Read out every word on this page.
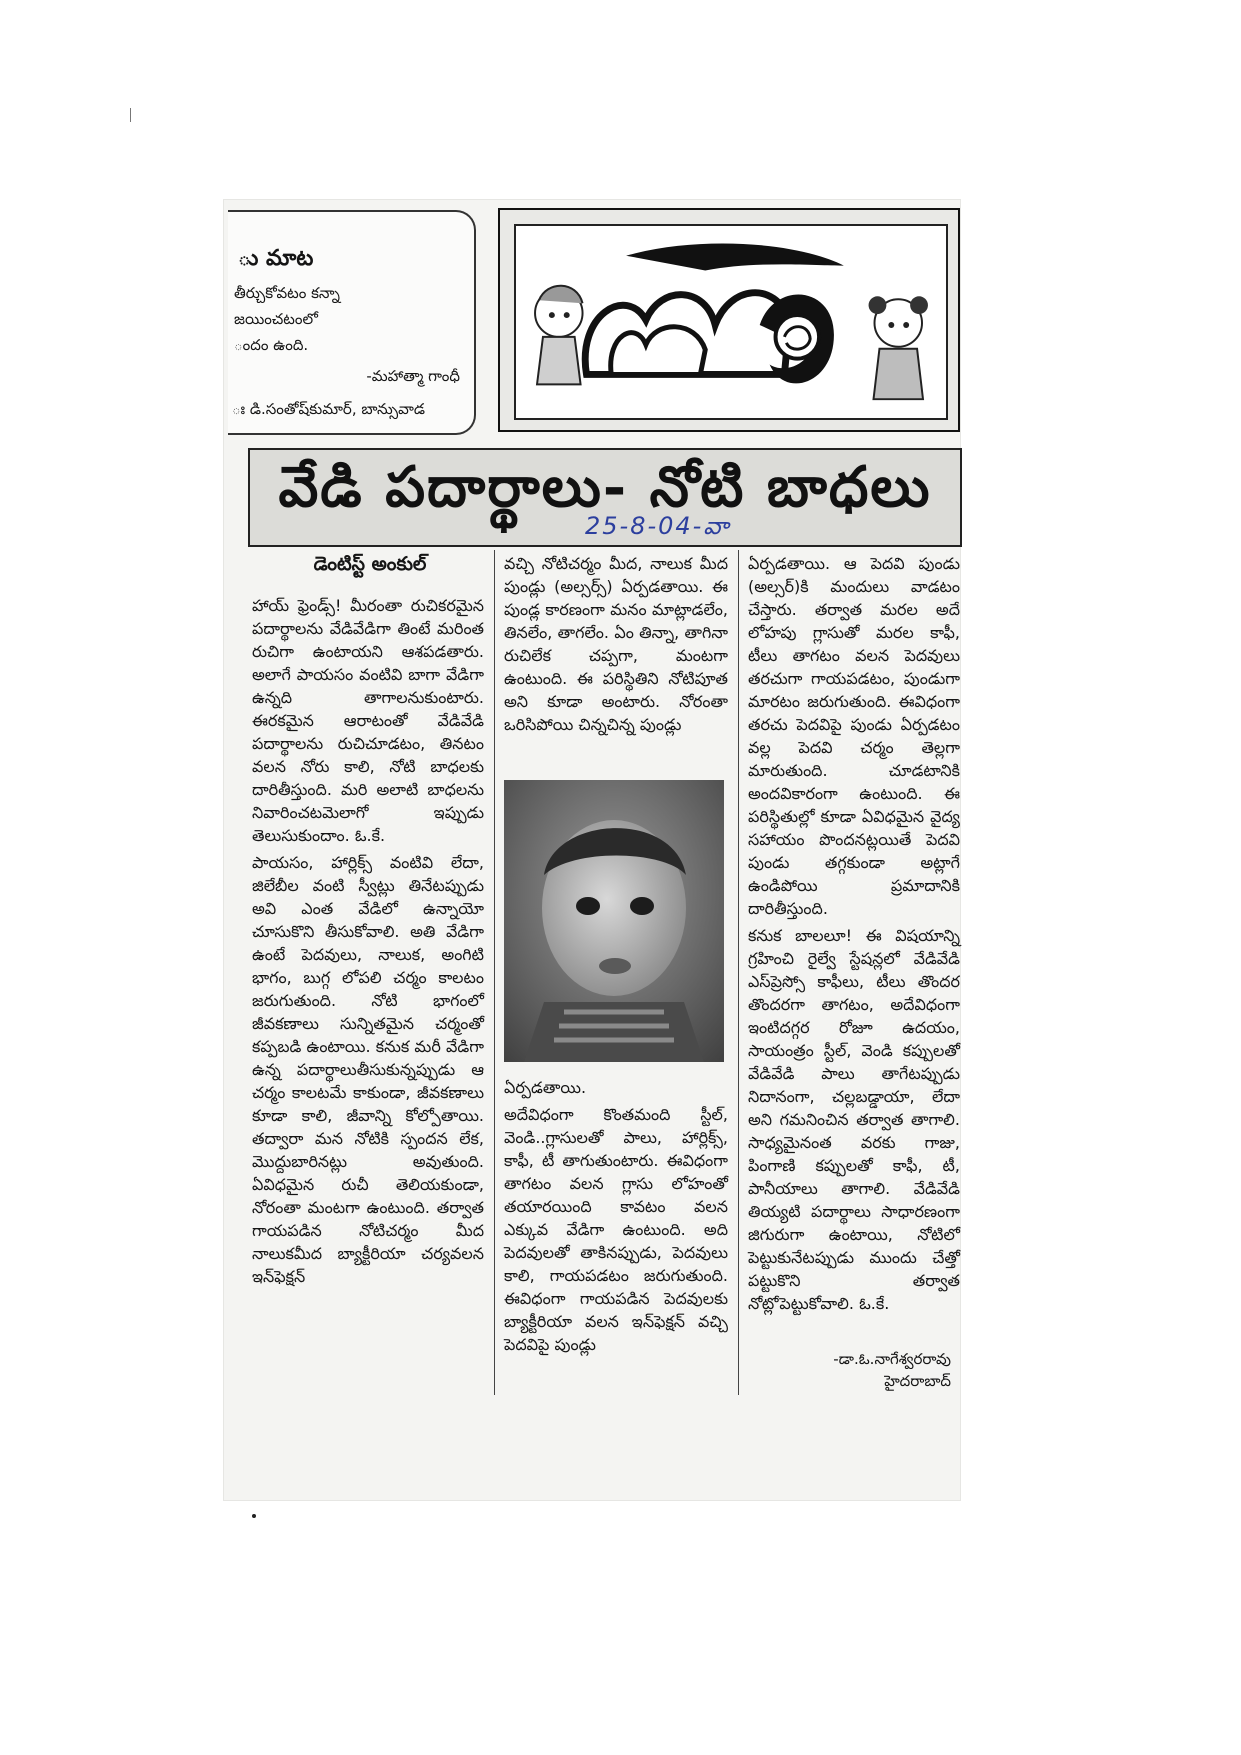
ు మాట
తీర్చుకోవటం కన్నా
జయించటంలో
ందం ఉంది.
-మహాత్మా గాంధీ
ః డి.సంతోష్‌కుమార్, బాన్సువాడ
వేడి పదార్థాలు- నోటి బాధలు
25-8-04-వా
డెంటిస్ట్ అంకుల్

హాయ్ ఫ్రెండ్స్! మీరంతా రుచికరమైన పదార్థాలను వేడివేడిగా తింటే మరింత రుచిగా ఉంటాయని ఆశపడతారు. అలాగే పాయసం వంటివి బాగా వేడిగా ఉన్నది తాగాలనుకుంటారు. ఈరకమైన ఆరాటంతో వేడివేడి పదార్థాలను రుచిచూడటం, తినటం వలన నోరు కాలి, నోటి బాధలకు దారితీస్తుంది. మరి అలాటి బాధలను నివారించటమెలాగో ఇప్పుడు తెలుసుకుందాం. ఓ.కే.

పాయసం, హార్లిక్స్ వంటివి లేదా, జిలేబీల వంటి స్వీట్లు తినేటప్పుడు అవి ఎంత వేడిలో ఉన్నాయో చూసుకొని తీసుకోవాలి. అతి వేడిగా ఉంటే పెదవులు, నాలుక, అంగిటి భాగం, బుగ్గ లోపలి చర్మం కాలటం జరుగుతుంది. నోటి భాగంలో జీవకణాలు సున్నితమైన చర్మంతో కప్పబడి ఉంటాయి. కనుక మరీ వేడిగా ఉన్న పదార్థాలుతీసుకున్నప్పుడు ఆ చర్మం కాలటమే కాకుండా, జీవకణాలు కూడా కాలి, జీవాన్ని కోల్పోతాయి. తద్వారా మన నోటికి స్పందన లేక, మొద్దుబారినట్లు అవుతుంది. ఏవిధమైన రుచీ తెలియకుండా, నోరంతా మంటగా ఉంటుంది. తర్వాత గాయపడిన నోటిచర్మం మీద నాలుకమీద బ్యాక్టీరియా చర్యవలన ఇన్‌ఫెక్షన్

వచ్చి నోటిచర్మం మీద, నాలుక మీద పుండ్లు (అల్సర్స్) ఏర్పడతాయి. ఈ పుండ్ల కారణంగా మనం మాట్లాడలేం, తినలేం, తాగలేం. ఏం తిన్నా, తాగినా రుచిలేక చప్పగా, మంటగా ఉంటుంది. ఈ పరిస్థితిని నోటిపూత అని కూడా అంటారు. నోరంతా ఒరిసిపోయి చిన్నచిన్న పుండ్లు

ఏర్పడతాయి.

అదేవిధంగా కొంతమంది స్టీల్, వెండి..గ్లాసులతో పాలు, హార్లిక్స్, కాఫీ, టీ తాగుతుంటారు. ఈవిధంగా తాగటం వలన గ్లాసు లోహంతో తయారయింది కావటం వలన ఎక్కువ వేడిగా ఉంటుంది. అది పెదవులతో తాకినప్పుడు, పెదవులు కాలి, గాయపడటం జరుగుతుంది. ఈవిధంగా గాయపడిన పెదవులకు బ్యాక్టీరియా వలన ఇన్‌ఫెక్షన్ వచ్చి పెదవిపై పుండ్లు

ఏర్పడతాయి. ఆ పెదవి పుండు (అల్సర్)కి మందులు వాడటం చేస్తారు. తర్వాత మరల అదే లోహపు గ్లాసుతో మరల కాఫీ, టీలు తాగటం వలన పెదవులు తరచుగా గాయపడటం, పుండుగా మారటం జరుగుతుంది. ఈవిధంగా తరచు పెదవిపై పుండు ఏర్పడటం వల్ల పెదవి చర్మం తెల్లగా మారుతుంది. చూడటానికి అందవికారంగా ఉంటుంది. ఈ పరిస్థితుల్లో కూడా ఏవిధమైన వైద్య సహాయం పొందనట్లయితే పెదవి పుండు తగ్గకుండా అట్లాగే ఉండిపోయి ప్రమాదానికి దారితీస్తుంది.

కనుక బాలలూ! ఈ విషయాన్ని గ్రహించి రైల్వే స్టేషన్లలో వేడివేడి ఎస్‌ప్రెస్సో కాఫీలు, టీలు తొందర తొందరగా తాగటం, అదేవిధంగా ఇంటిదగ్గర రోజూ ఉదయం, సాయంత్రం స్టీల్, వెండి కప్పులతో వేడివేడి పాలు తాగేటప్పుడు నిదానంగా, చల్లబడ్డాయా, లేదా అని గమనించిన తర్వాత తాగాలి. సాధ్యమైనంత వరకు గాజు, పింగాణి కప్పులతో కాఫీ, టీ, పానీయాలు తాగాలి. వేడివేడి తియ్యటి పదార్థాలు సాధారణంగా జిగురుగా ఉంటాయి, నోటిలో పెట్టుకునేటప్పుడు ముందు చేత్తో పట్టుకొని తర్వాత నోట్లోపెట్టుకోవాలి. ఓ.కే.

-డా.ఓ.నాగేశ్వరరావు
హైదరాబాద్
